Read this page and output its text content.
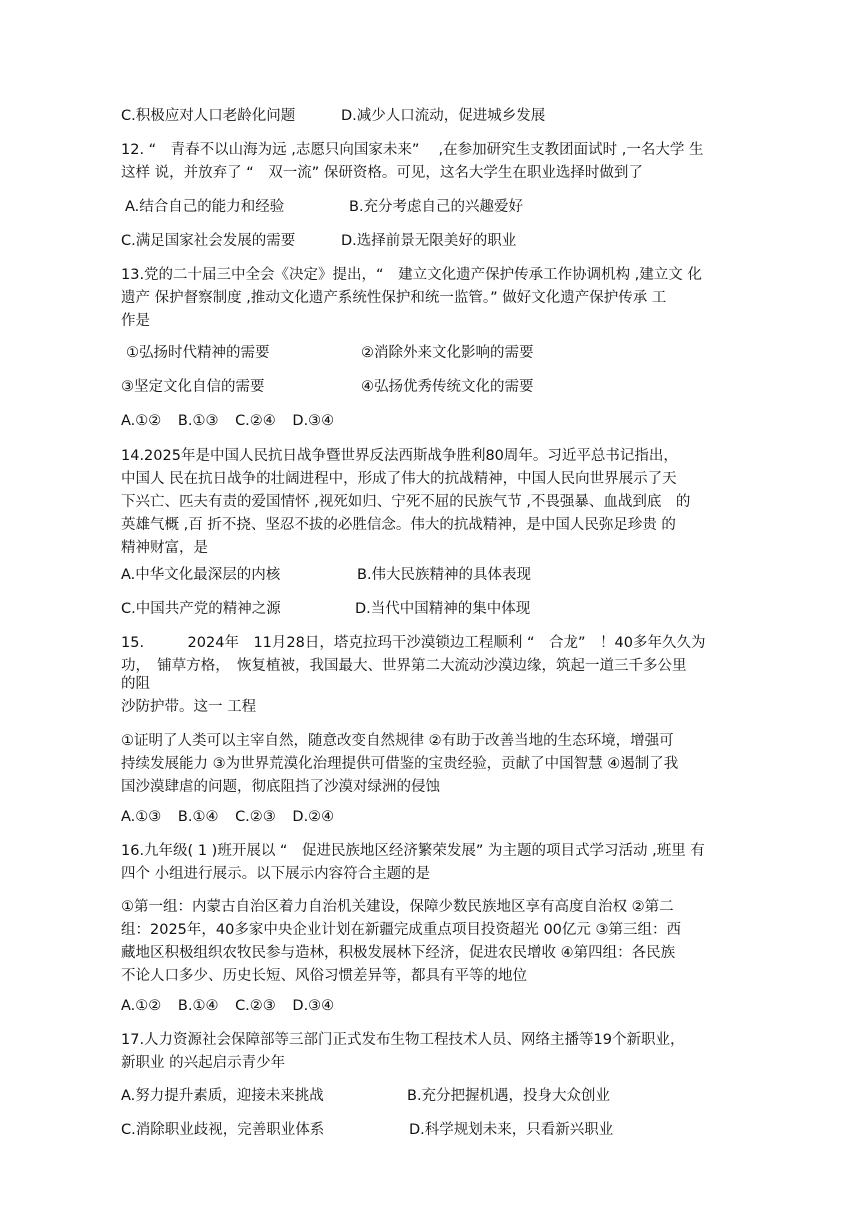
C.积极应对人口老龄化问题	D.减少人口流动，促进城乡发展
12. “　青春不以山海为远 ,志愿只向国家未来”　 ,在参加研究生支教团面试时 ,一名大学 生
这样 说，并放弃了 “　双一流” 保研资格。可见，这名大学生在职业选择时做到了
A.结合自己的能力和经验	B.充分考虑自己的兴趣爱好
C.满足国家社会发展的需要	D.选择前景无限美好的职业
13.党的二十届三中全会《决定》提出，“　建立文化遗产保护传承工作协调机构 ,建立文 化
遗产 保护督察制度 ,推动文化遗产系统性保护和统一监管。” 做好文化遗产保护传承 工
作是
①弘扬时代精神的需要	②消除外来文化影响的需要
③坚定文化自信的需要	④弘扬优秀传统文化的需要
A.①② B.①③ C.②④ D.③④
14.2025年是中国人民抗日战争暨世界反法西斯战争胜利80周年。习近平总书记指出，
中国人 民在抗日战争的壮阔进程中，形成了伟大的抗战精神，中国人民向世界展示了天
下兴亡、匹夫有责的爱国情怀 ,视死如归、宁死不屈的民族气节 ,不畏强暴、血战到底　的
英雄气概 ,百 折不挠、坚忍不拔的必胜信念。伟大的抗战精神，是中国人民弥足珍贵 的
精神财富，是
A.中华文化最深层的内核	B.伟大民族精神的具体表现
C.中国共产党的精神之源	D.当代中国精神的集中体现
15.　　　2024年　11月28日，塔克拉玛干沙漠锁边工程顺利 “　合龙”　！40多年久久为
功，　铺草方格，　恢复植被，我国最大、世界第二大流动沙漠边缘，筑起一道三千多公里
的阻
沙防护带。这一 工程
①证明了人类可以主宰自然，随意改变自然规律 ②有助于改善当地的生态环境，增强可
持续发展能力 ③为世界荒漠化治理提供可借鉴的宝贵经验，贡献了中国智慧 ④遏制了我
国沙漠肆虐的问题，彻底阻挡了沙漠对绿洲的侵蚀
A.①③ B.①④ C.②③ D.②④
16.九年级( 1 )班开展以 “　促进民族地区经济繁荣发展” 为主题的项目式学习活动 ,班里 有
四个 小组进行展示。以下展示内容符合主题的是
①第一组：内蒙古自治区着力自治机关建设，保障少数民族地区享有高度自治权 ②第二
组：2025年，40多家中央企业计划在新疆完成重点项目投资超光 00亿元 ③第三组：西
藏地区积极组织农牧民参与造林，积极发展林下经济，促进农民增收 ④第四组：各民族
不论人口多少、历史长短、风俗习惯差异等，都具有平等的地位
A.①② B.①④ C.②③ D.③④
17.人力资源社会保障部等三部门正式发布生物工程技术人员、网络主播等19个新职业，
新职业 的兴起启示青少年
A.努力提升素质，迎接未来挑战	B.充分把握机遇，投身大众创业
C.消除职业歧视，完善职业体系	D.科学规划未来，只看新兴职业
